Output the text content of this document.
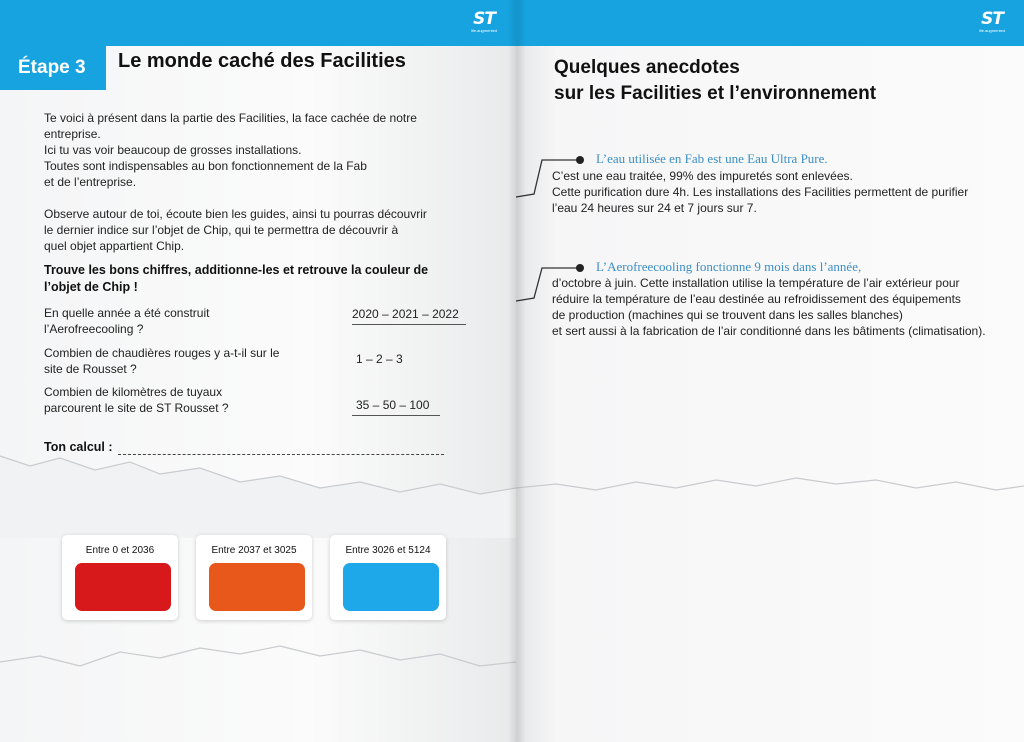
ST
life.augmented
Étape 3	Le monde caché des Facilities

Te voici à présent dans la partie des Facilities, la face cachée de notre
entreprise.
Ici tu vas voir beaucoup de grosses installations.
Toutes sont indispensables au bon fonctionnement de la Fab
et de l’entreprise.

Observe autour de toi, écoute bien les guides, ainsi tu pourras découvrir
le dernier indice sur l’objet de Chip, qui te permettra de découvrir à
quel objet appartient Chip.

Trouve les bons chiffres, additionne-les et retrouve la couleur de
l’objet de Chip !
En quelle année a été construit
l’Aerofreecooling ?
2020 – 2021 – 2022
Combien de chaudières rouges y a-t-il sur le
site de Rousset ?
1 – 2 – 3
Combien de kilomètres de tuyaux
parcourent le site de ST Rousset ?	35 – 50 – 100
Ton calcul :
Entre 0 et 2036	Entre 2037 et 3025	Entre 3026 et 5124
ST
life.augmented
Quelques anecdotes
sur les Facilities et l’environnement
L’eau utilisée en Fab est une Eau Ultra Pure.
C’est une eau traitée, 99% des impuretés sont enlevées.
Cette purification dure 4h. Les installations des Facilities permettent de purifier
l’eau 24 heures sur 24 et 7 jours sur 7.
L’Aerofreecooling fonctionne 9 mois dans l’année,
d’octobre à juin. Cette installation utilise la température de l’air extérieur pour
réduire la température de l’eau destinée au refroidissement des équipements
de production (machines qui se trouvent dans les salles blanches)
et sert aussi à la fabrication de l’air conditionné dans les bâtiments (climatisation).
